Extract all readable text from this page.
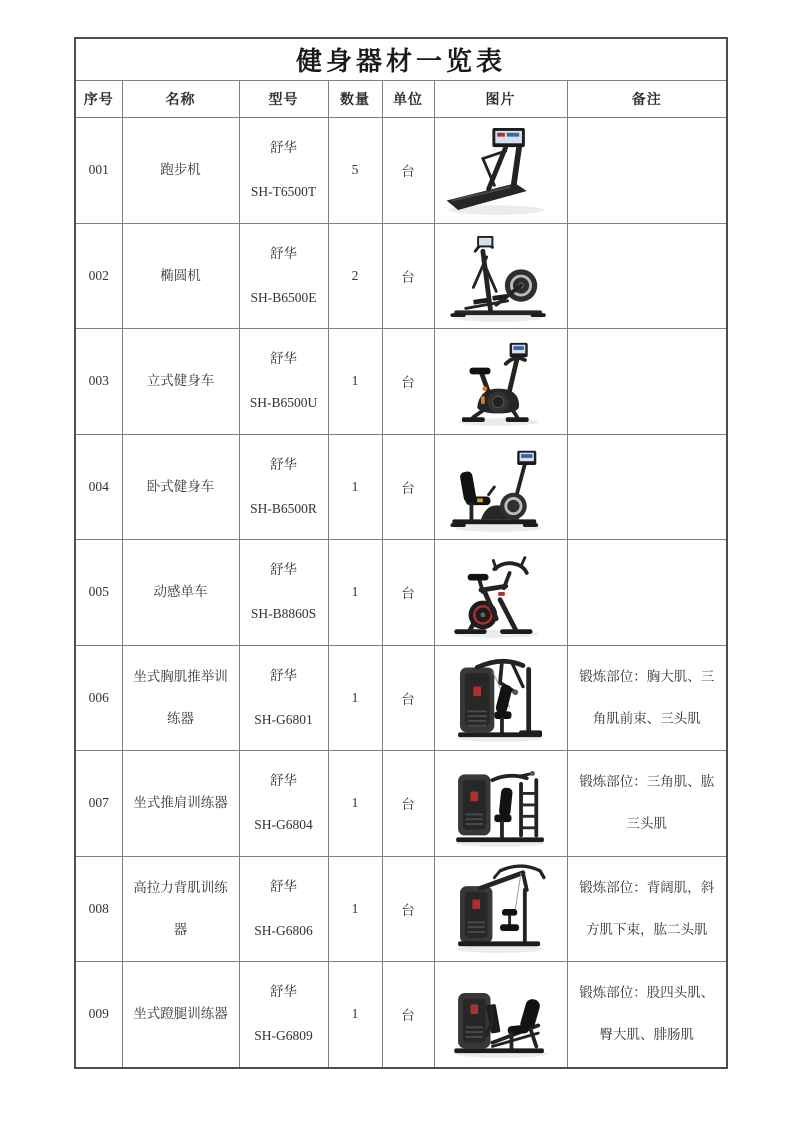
健身器材一览表						
序号	名称	型号	数量	单位	图片	备注
001	跑步机	舒华
SH-T6500T	5	台	

002	椭圆机	舒华
SH-B6500E	2	台	

003	立式健身车	舒华
SH-B6500U	1	台	

004	卧式健身车	舒华
SH-B6500R	1	台	

005	动感单车	舒华
SH-B8860S	1	台	

006	坐式胸肌推举训练器	舒华
SH-G6801	1	台		锻炼部位：胸大肌、三角肌前束、三头肌

007	坐式推肩训练器	舒华
SH-G6804	1	台		锻炼部位：三角肌、肱三头肌

008	高拉力背肌训练器	舒华
SH-G6806	1	台		锻炼部位：背阔肌，斜方肌下束，肱二头肌

009	坐式蹬腿训练器	舒华
SH-G6809	1	台		锻炼部位：股四头肌、臀大肌、腓肠肌
